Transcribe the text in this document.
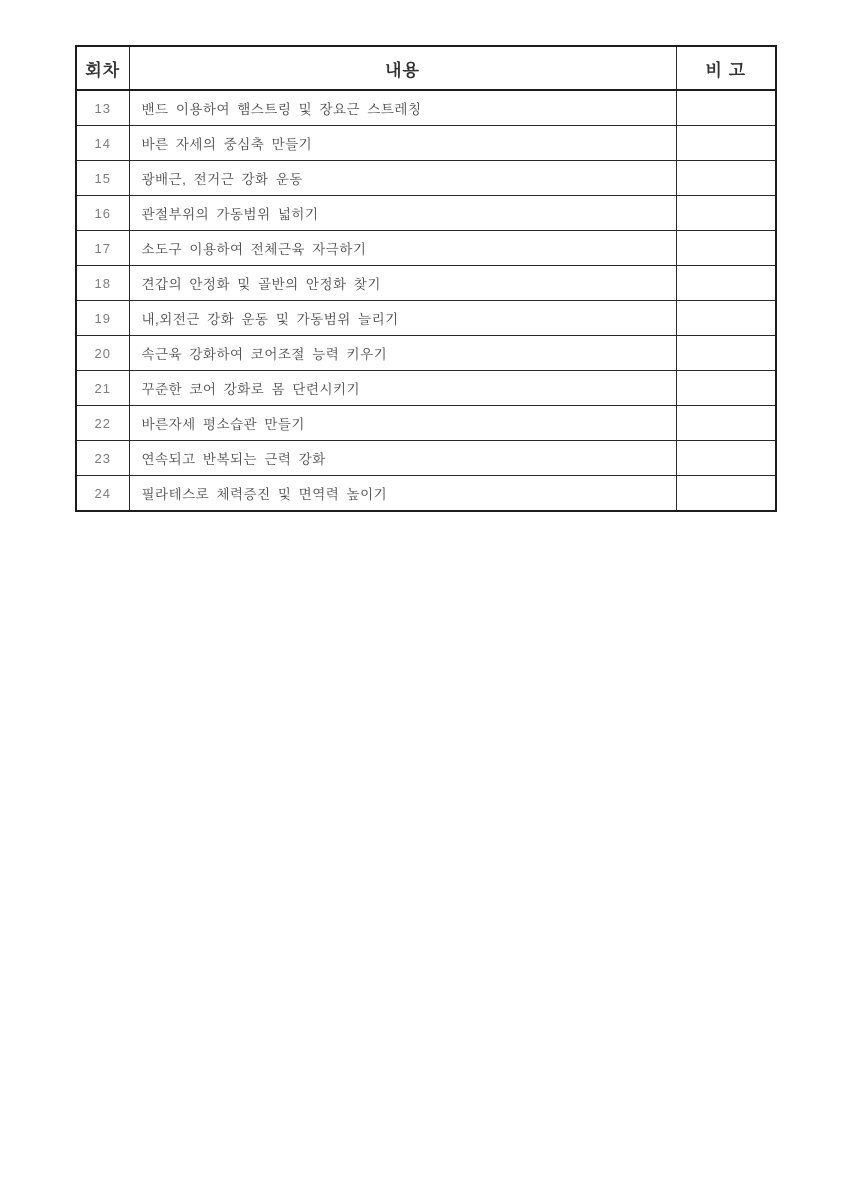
회차	내용	비 고
13	밴드 이용하여 햄스트링 및 장요근 스트레칭	
14	바른 자세의 중심축 만들기	
15	광배근, 전거근 강화 운동	
16	관절부위의 가동범위 넓히기	
17	소도구 이용하여 전체근육 자극하기	
18	견갑의 안정화 및 골반의 안정화 찾기	
19	내,외전근 강화 운동 및 가동범위 늘리기	
20	속근육 강화하여 코어조절 능력 키우기	
21	꾸준한 코어 강화로 몸 단련시키기	
22	바른자세 평소습관 만들기	
23	연속되고 반복되는 근력 강화	
24	필라테스로 체력증진 및 면역력 높이기	
